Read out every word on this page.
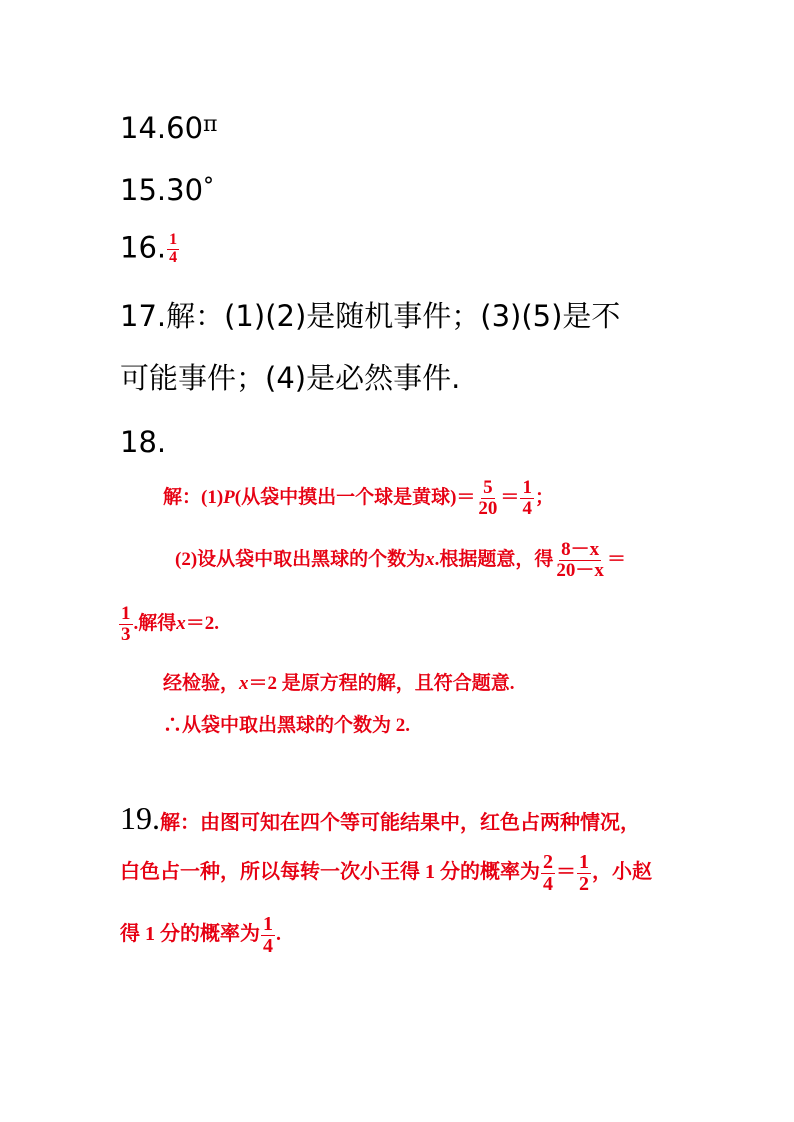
$14.60^\pi$
15.30°
16. $\frac{1}{4}$
17.解：(1)(2)是随机事件；(3)(5)是不
可能事件；(4)是必然事件.
18.
解：(1)P(从袋中摸出一个球是黄球)＝ $\frac{5}{20} = \frac{1}{4}$ ；
(2)设从袋中取出黑球的个数为x.根据题意，得 $\frac{8-x}{20-x}$ ＝
$\frac{1}{3}$ .解得x＝2.
经检验，x＝2 是原方程的解，且符合题意.
∴从袋中取出黑球的个数为 2.
19.解：由图可知在四个等可能结果中，红色占两种情况，
白色占一种，所以每转一次小王得 1 分的概率为 $\frac{2}{4} = \frac{1}{2}$ ，小赵
得 1 分的概率为 $\frac{1}{4}$ .
